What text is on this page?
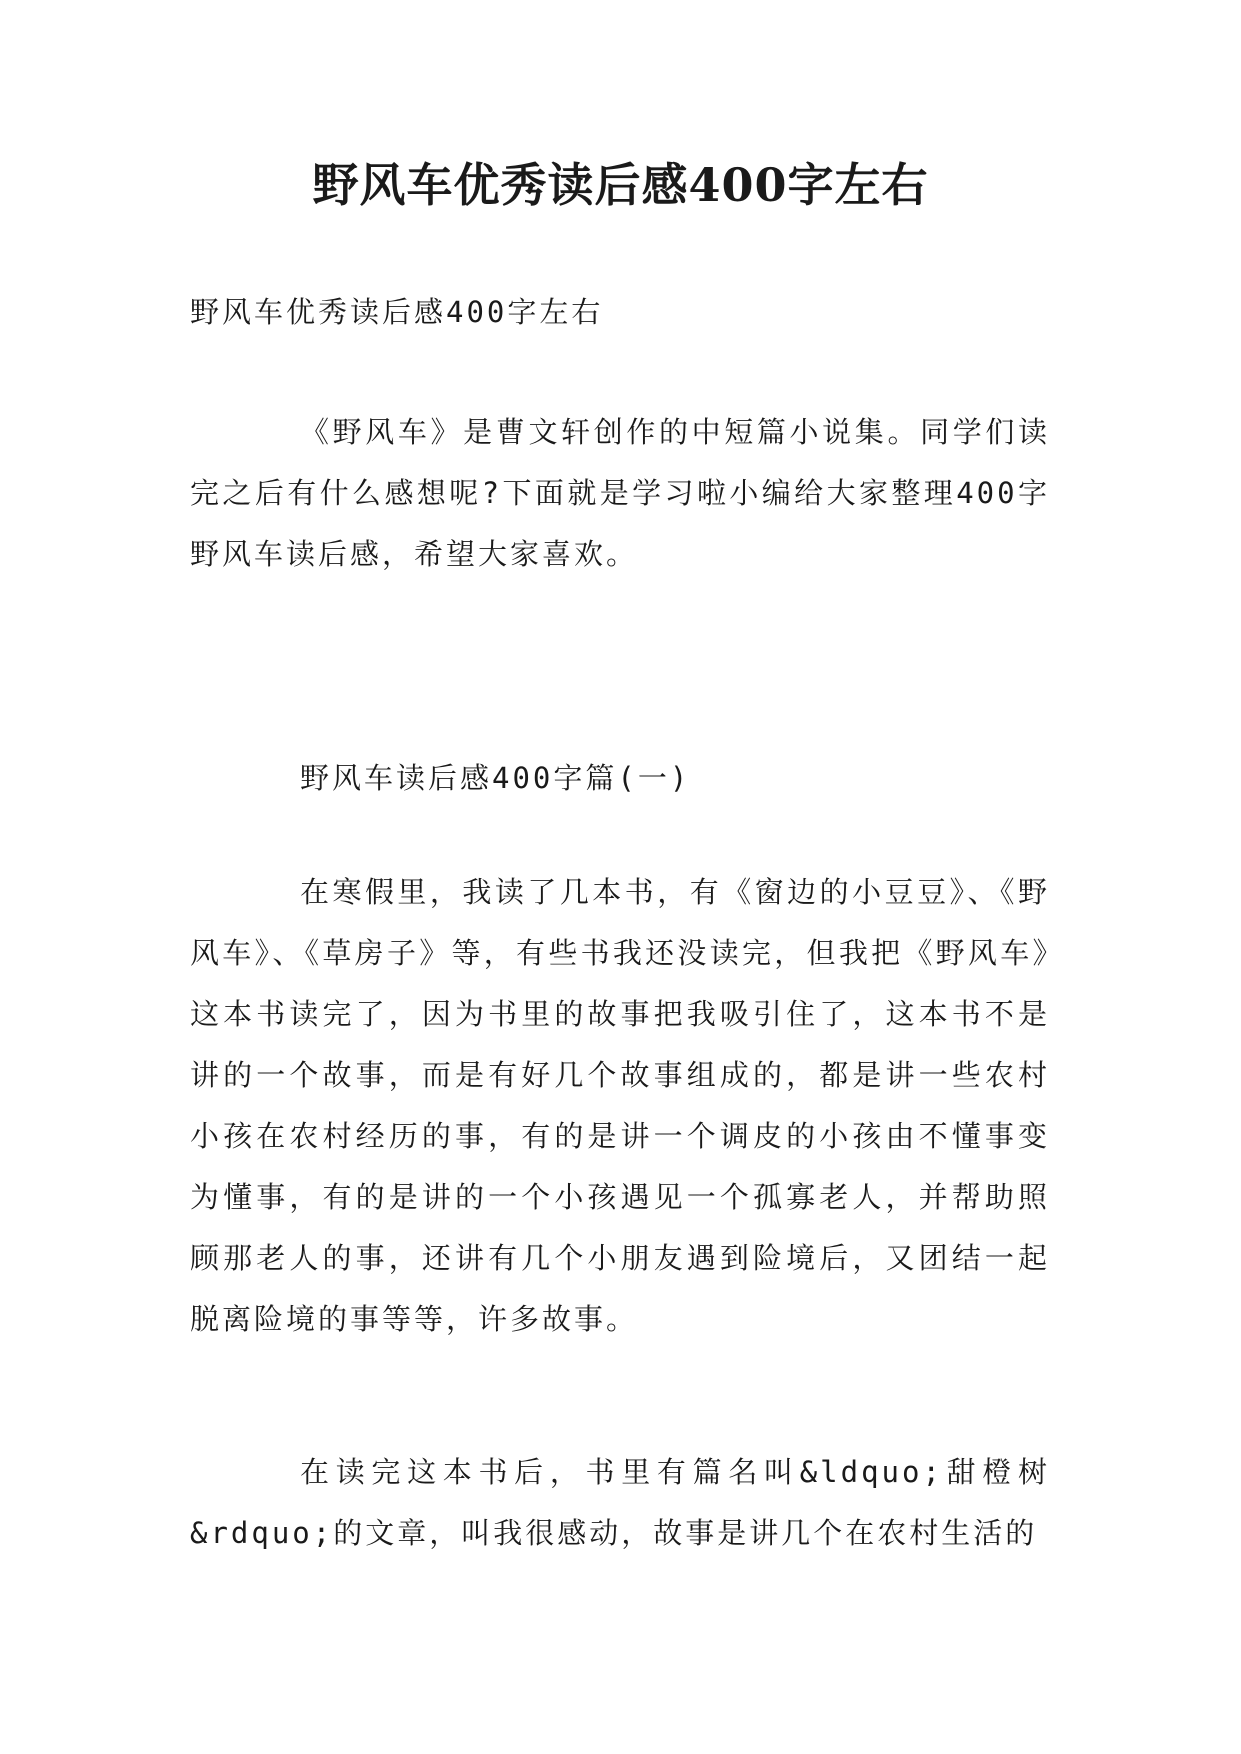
野风车优秀读后感400字左右
野风车优秀读后感400字左右
《野风车》是曹文轩创作的中短篇小说集。同学们读完之后有什么感想呢?下面就是学习啦小编给大家整理400字野风车读后感，希望大家喜欢。
野风车读后感400字篇(一)
在寒假里，我读了几本书，有《窗边的小豆豆》、《野风车》、《草房子》等，有些书我还没读完，但我把《野风车》这本书读完了，因为书里的故事把我吸引住了，这本书不是讲的一个故事，而是有好几个故事组成的，都是讲一些农村小孩在农村经历的事，有的是讲一个调皮的小孩由不懂事变为懂事，有的是讲的一个小孩遇见一个孤寡老人，并帮助照顾那老人的事，还讲有几个小朋友遇到险境后，又团结一起脱离险境的事等等，许多故事。
在读完这本书后，书里有篇名叫&ldquo;甜橙树&rdquo;的文章，叫我很感动，故事是讲几个在农村生活的
